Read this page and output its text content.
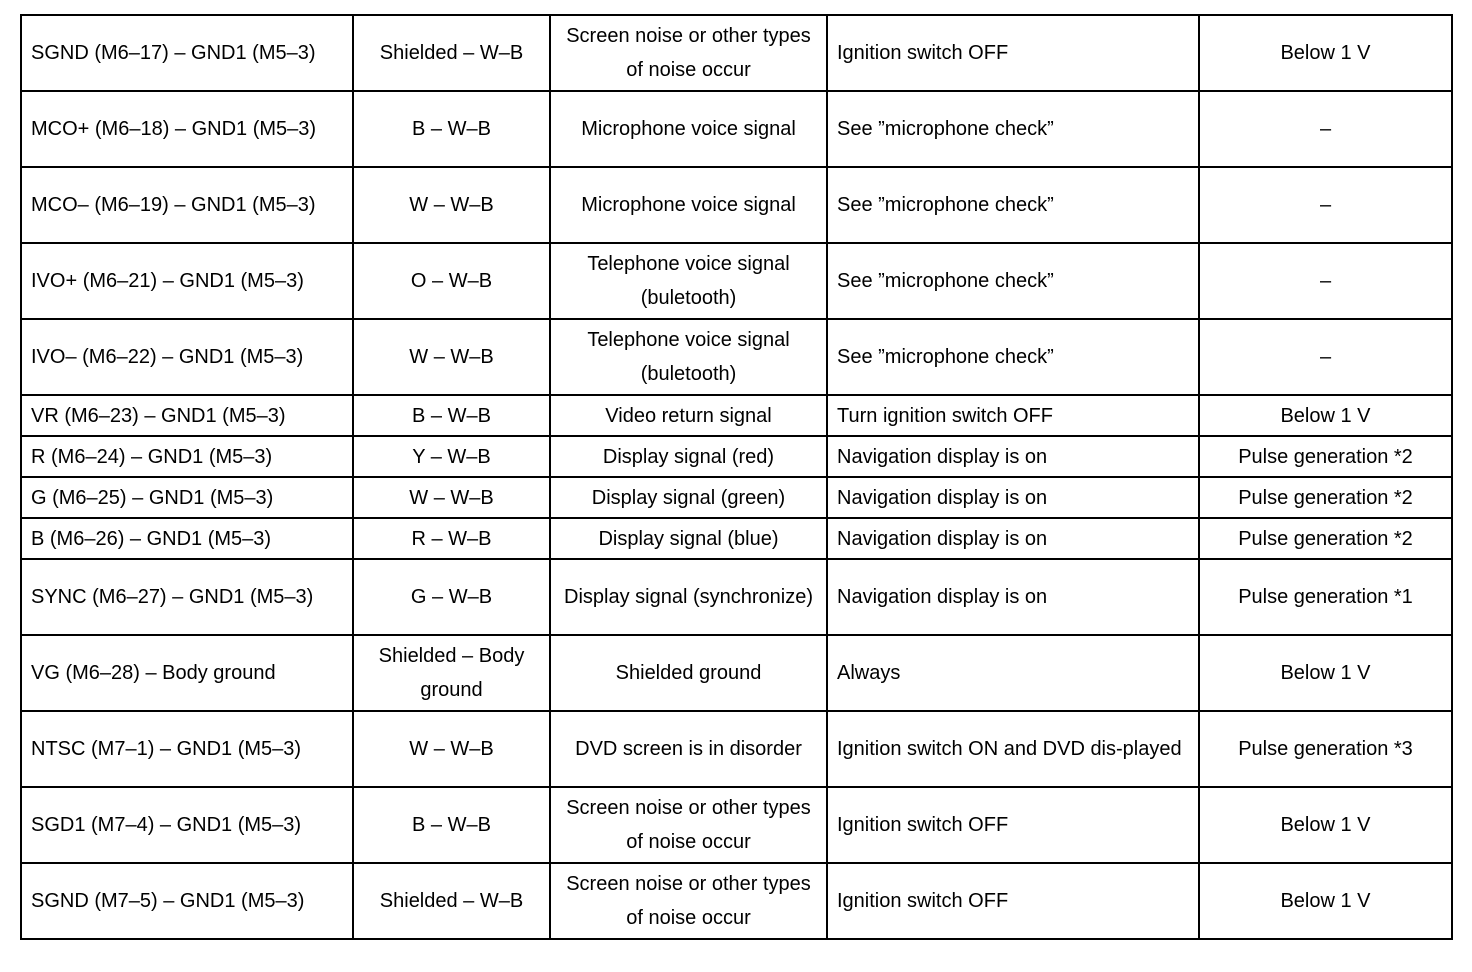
SGND (M6–17) – GND1 (M5–3)	Shielded – W–B	Screen noise or other types of noise occur	Ignition switch OFF	Below 1 V
MCO+ (M6–18) – GND1 (M5–3)	B – W–B	Microphone voice signal	See ”microphone check”	–
MCO– (M6–19) – GND1 (M5–3)	W – W–B	Microphone voice signal	See ”microphone check”	–
IVO+ (M6–21) – GND1 (M5–3)	O – W–B	Telephone voice signal (buletooth)	See ”microphone check”	–
IVO– (M6–22) – GND1 (M5–3)	W – W–B	Telephone voice signal (buletooth)	See ”microphone check”	–
VR (M6–23) – GND1 (M5–3)	B – W–B	Video return signal	Turn ignition switch OFF	Below 1 V
R (M6–24) – GND1 (M5–3)	Y – W–B	Display signal (red)	Navigation display is on	Pulse generation *2
G (M6–25) – GND1 (M5–3)	W – W–B	Display signal (green)	Navigation display is on	Pulse generation *2
B (M6–26) – GND1 (M5–3)	R – W–B	Display signal (blue)	Navigation display is on	Pulse generation *2
SYNC (M6–27) – GND1 (M5–3)	G – W–B	Display signal (synchronize)	Navigation display is on	Pulse generation *1
VG (M6–28) – Body ground	Shielded – Body ground	Shielded ground	Always	Below 1 V
NTSC (M7–1) – GND1 (M5–3)	W – W–B	DVD screen is in disorder	Ignition switch ON and DVD dis-played	Pulse generation *3
SGD1 (M7–4) – GND1 (M5–3)	B – W–B	Screen noise or other types of noise occur	Ignition switch OFF	Below 1 V
SGND (M7–5) – GND1 (M5–3)	Shielded – W–B	Screen noise or other types of noise occur	Ignition switch OFF	Below 1 V
